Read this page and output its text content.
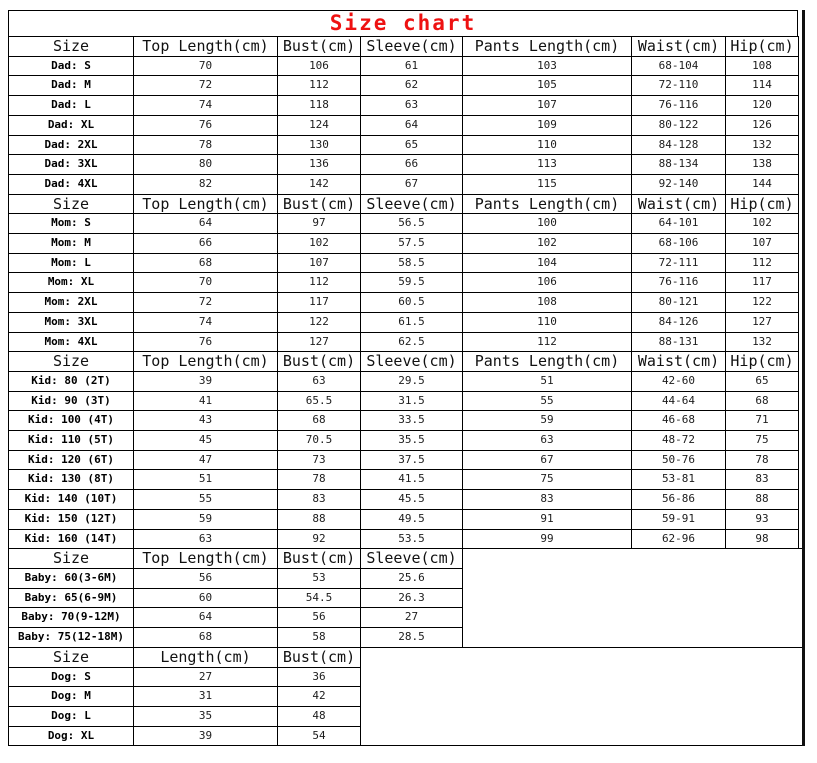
Size chart
Size	Top Length(cm)	Bust(cm)	Sleeve(cm)	Pants Length(cm)	Waist(cm)	Hip(cm)
Dad: S	70	106	61	103	68-104	108
Dad: M	72	112	62	105	72-110	114
Dad: L	74	118	63	107	76-116	120
Dad: XL	76	124	64	109	80-122	126
Dad: 2XL	78	130	65	110	84-128	132
Dad: 3XL	80	136	66	113	88-134	138
Dad: 4XL	82	142	67	115	92-140	144
Size	Top Length(cm)	Bust(cm)	Sleeve(cm)	Pants Length(cm)	Waist(cm)	Hip(cm)
Mom: S	64	97	56.5	100	64-101	102
Mom: M	66	102	57.5	102	68-106	107
Mom: L	68	107	58.5	104	72-111	112
Mom: XL	70	112	59.5	106	76-116	117
Mom: 2XL	72	117	60.5	108	80-121	122
Mom: 3XL	74	122	61.5	110	84-126	127
Mom: 4XL	76	127	62.5	112	88-131	132
Size	Top Length(cm)	Bust(cm)	Sleeve(cm)	Pants Length(cm)	Waist(cm)	Hip(cm)
Kid: 80 (2T)	39	63	29.5	51	42-60	65
Kid: 90 (3T)	41	65.5	31.5	55	44-64	68
Kid: 100 (4T)	43	68	33.5	59	46-68	71
Kid: 110 (5T)	45	70.5	35.5	63	48-72	75
Kid: 120 (6T)	47	73	37.5	67	50-76	78
Kid: 130 (8T)	51	78	41.5	75	53-81	83
Kid: 140 (10T)	55	83	45.5	83	56-86	88
Kid: 150 (12T)	59	88	49.5	91	59-91	93
Kid: 160 (14T)	63	92	53.5	99	62-96	98
Size	Top Length(cm)	Bust(cm)	Sleeve(cm)
Baby: 60(3-6M)	56	53	25.6
Baby: 65(6-9M)	60	54.5	26.3
Baby: 70(9-12M)	64	56	27
Baby: 75(12-18M)	68	58	28.5
Size	Length(cm)	Bust(cm)
Dog: S	27	36
Dog: M	31	42
Dog: L	35	48
Dog: XL	39	54
